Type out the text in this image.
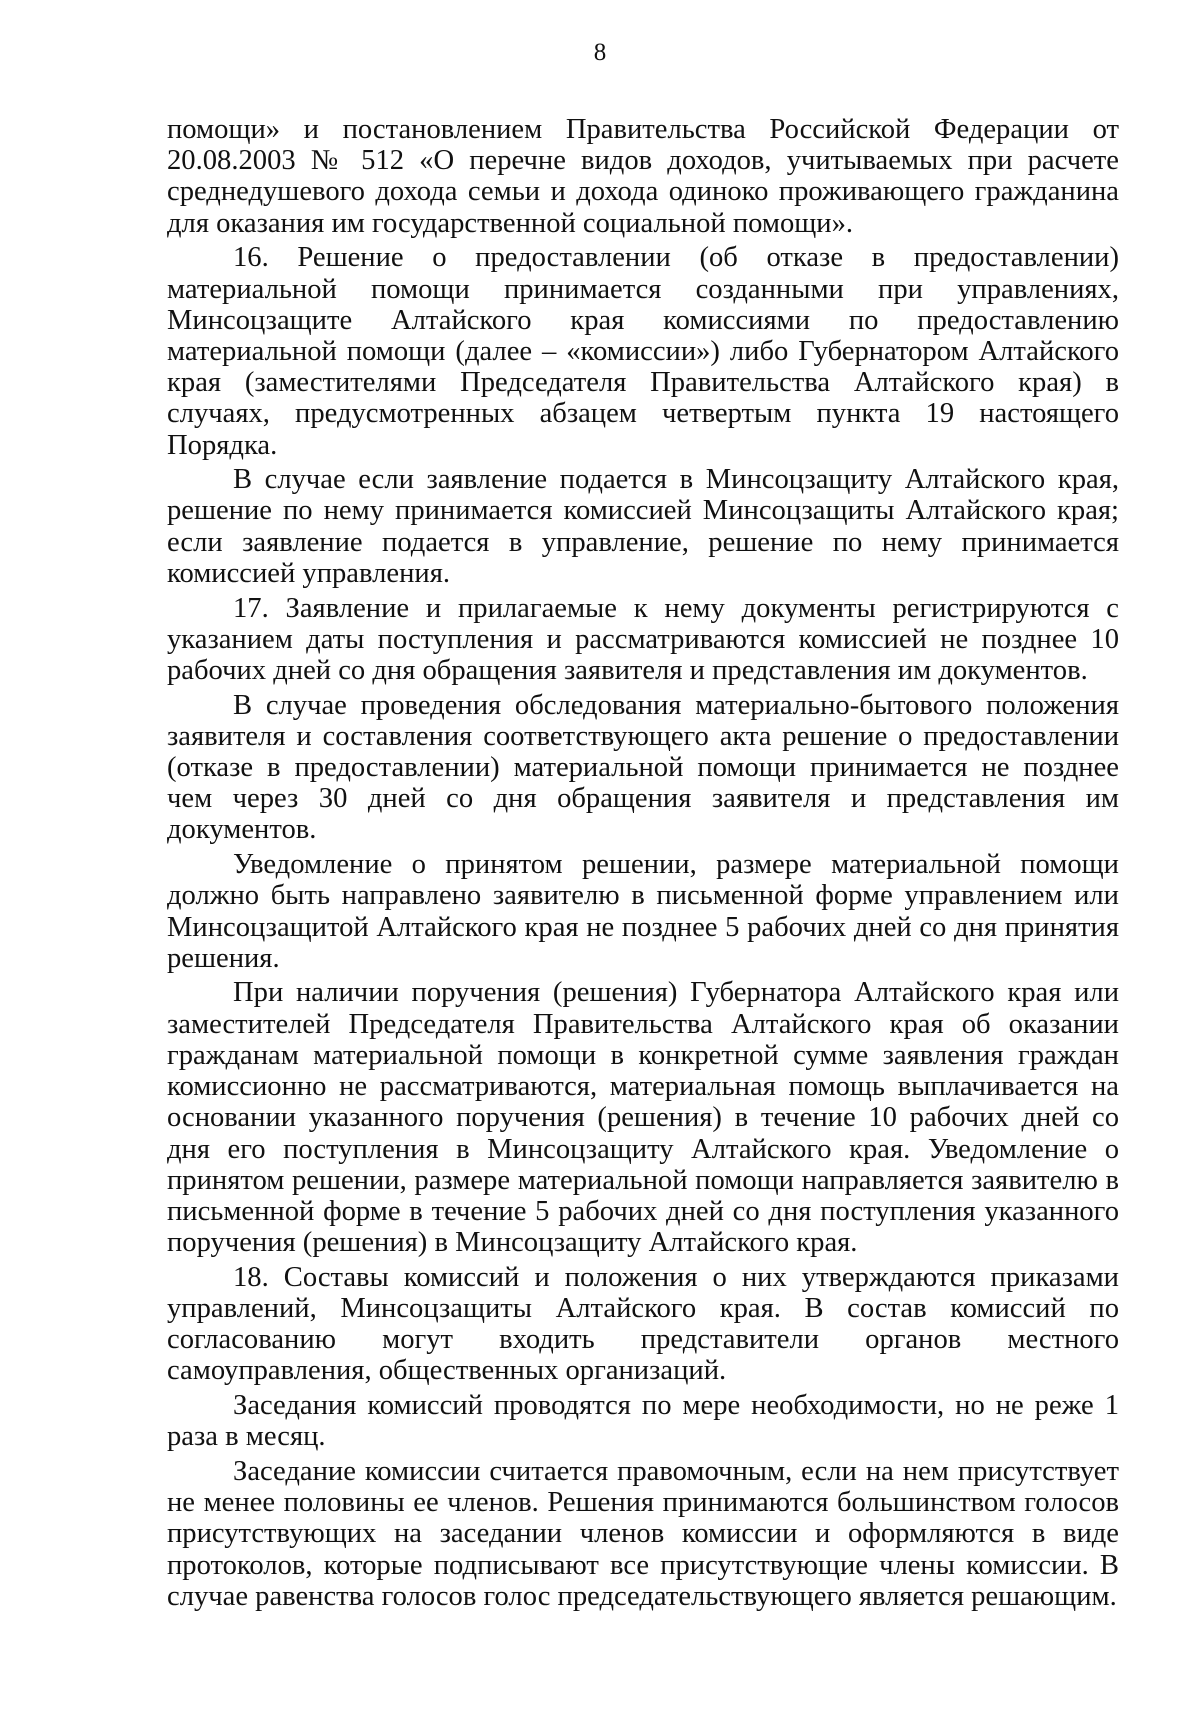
8

помощи» и постановлением Правительства Российской Федерации от 20.08.2003 № 512 «О перечне видов доходов, учитываемых при расчете среднедушевого дохода семьи и дохода одиноко проживающего гражданина для оказания им государственной социальной помощи».

16. Решение о предоставлении (об отказе в предоставлении) материальной помощи принимается созданными при управлениях, Минсоцзащите Алтайского края комиссиями по предоставлению материальной помощи (далее – «комиссии») либо Губернатором Алтайского края (заместителями Председателя Правительства Алтайского края) в случаях, предусмотренных абзацем четвертым пункта 19 настоящего Порядка.

В случае если заявление подается в Минсоцзащиту Алтайского края, решение по нему принимается комиссией Минсоцзащиты Алтайского края; если заявление подается в управление, решение по нему принимается комиссией управления.

17. Заявление и прилагаемые к нему документы регистрируются с указанием даты поступления и рассматриваются комиссией не позднее 10 рабочих дней со дня обращения заявителя и представления им документов.

В случае проведения обследования материально-бытового положения заявителя и составления соответствующего акта решение о предоставлении (отказе в предоставлении) материальной помощи принимается не позднее чем через 30 дней со дня обращения заявителя и представления им документов.

Уведомление о принятом решении, размере материальной помощи должно быть направлено заявителю в письменной форме управлением или Минсоцзащитой Алтайского края не позднее 5 рабочих дней со дня принятия решения.

При наличии поручения (решения) Губернатора Алтайского края или заместителей Председателя Правительства Алтайского края об оказании гражданам материальной помощи в конкретной сумме заявления граждан комиссионно не рассматриваются, материальная помощь выплачивается на основании указанного поручения (решения) в течение 10 рабочих дней со дня его поступления в Минсоцзащиту Алтайского края. Уведомление о принятом решении, размере материальной помощи направляется заявителю в письменной форме в течение 5 рабочих дней со дня поступления указанного поручения (решения) в Минсоцзащиту Алтайского края.

18. Составы комиссий и положения о них утверждаются приказами управлений, Минсоцзащиты Алтайского края. В состав комиссий по согласованию могут входить представители органов местного самоуправления, общественных организаций.

Заседания комиссий проводятся по мере необходимости, но не реже 1 раза в месяц.

Заседание комиссии считается правомочным, если на нем присутствует не менее половины ее членов. Решения принимаются большинством голосов присутствующих на заседании членов комиссии и оформляются в виде протоколов, которые подписывают все присутствующие члены комиссии. В случае равенства голосов голос председательствующего является решающим.
